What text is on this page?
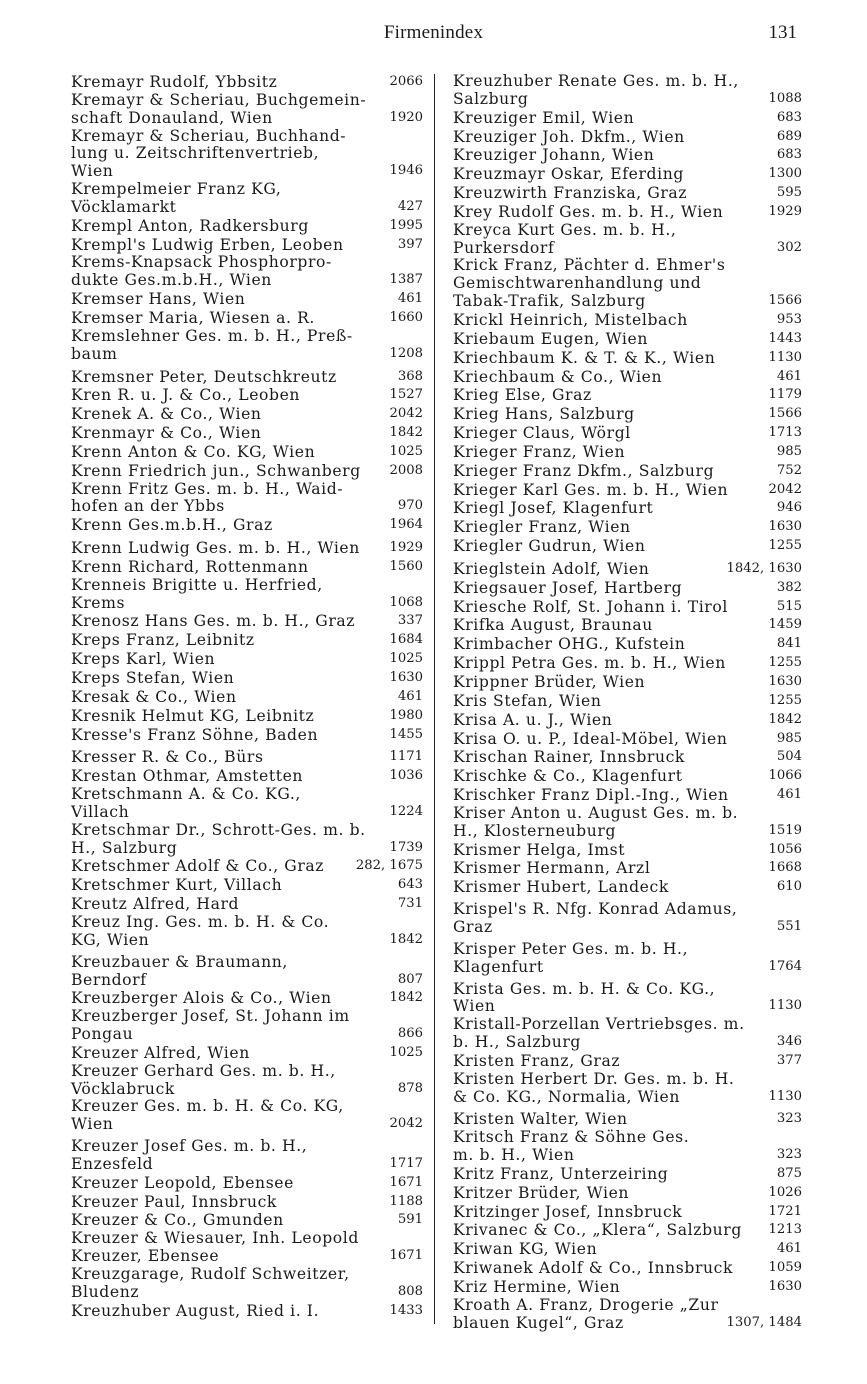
Firmenindex	131
Kremayr Rudolf, Ybbsitz	2066
Kremayr & Scheriau, Buchgemein-
schaft Donauland, Wien	1920
Kremayr & Scheriau, Buchhand-
lung u. Zeitschriftenvertrieb,
Wien	1946
Krempelmeier Franz KG,
Vöcklamarkt	427
Krempl Anton, Radkersburg	1995
Krempl's Ludwig Erben, Leoben	397
Krems-Knapsack Phosphorpro-
dukte Ges.m.b.H., Wien	1387
Kremser Hans, Wien	461
Kremser Maria, Wiesen a. R.	1660
Kremslehner Ges. m. b. H., Preß-
baum	1208
Kremsner Peter, Deutschkreutz	368
Kren R. u. J. & Co., Leoben	1527
Krenek A. & Co., Wien	2042
Krenmayr & Co., Wien	1842
Krenn Anton & Co. KG, Wien	1025
Krenn Friedrich jun., Schwanberg	2008
Krenn Fritz Ges. m. b. H., Waid-
hofen an der Ybbs	970
Krenn Ges.m.b.H., Graz	1964
Krenn Ludwig Ges. m. b. H., Wien	1929
Krenn Richard, Rottenmann	1560
Krenneis Brigitte u. Herfried,
Krems	1068
Krenosz Hans Ges. m. b. H., Graz	337
Kreps Franz, Leibnitz	1684
Kreps Karl, Wien	1025
Kreps Stefan, Wien	1630
Kresak & Co., Wien	461
Kresnik Helmut KG, Leibnitz	1980
Kresse's Franz Söhne, Baden	1455
Kresser R. & Co., Bürs	1171
Krestan Othmar, Amstetten	1036
Kretschmann A. & Co. KG.,
Villach	1224
Kretschmar Dr., Schrott-Ges. m. b.
H., Salzburg	1739
Kretschmer Adolf & Co., Graz	282, 1675
Kretschmer Kurt, Villach	643
Kreutz Alfred, Hard	731
Kreuz Ing. Ges. m. b. H. & Co.
KG, Wien	1842
Kreuzbauer & Braumann,
Berndorf	807
Kreuzberger Alois & Co., Wien	1842
Kreuzberger Josef, St. Johann im
Pongau	866
Kreuzer Alfred, Wien	1025
Kreuzer Gerhard Ges. m. b. H.,
Vöcklabruck	878
Kreuzer Ges. m. b. H. & Co. KG,
Wien	2042
Kreuzer Josef Ges. m. b. H.,
Enzesfeld	1717
Kreuzer Leopold, Ebensee	1671
Kreuzer Paul, Innsbruck	1188
Kreuzer & Co., Gmunden	591
Kreuzer & Wiesauer, Inh. Leopold
Kreuzer, Ebensee	1671
Kreuzgarage, Rudolf Schweitzer,
Bludenz	808
Kreuzhuber August, Ried i. I.	1433
Kreuzhuber Renate Ges. m. b. H.,
Salzburg	1088
Kreuziger Emil, Wien	683
Kreuziger Joh. Dkfm., Wien	689
Kreuziger Johann, Wien	683
Kreuzmayr Oskar, Eferding	1300
Kreuzwirth Franziska, Graz	595
Krey Rudolf Ges. m. b. H., Wien	1929
Kreyca Kurt Ges. m. b. H.,
Purkersdorf	302
Krick Franz, Pächter d. Ehmer's
Gemischtwarenhandlung und
Tabak-Trafik, Salzburg	1566
Krickl Heinrich, Mistelbach	953
Kriebaum Eugen, Wien	1443
Kriechbaum K. & T. & K., Wien	1130
Kriechbaum & Co., Wien	461
Krieg Else, Graz	1179
Krieg Hans, Salzburg	1566
Krieger Claus, Wörgl	1713
Krieger Franz, Wien	985
Krieger Franz Dkfm., Salzburg	752
Krieger Karl Ges. m. b. H., Wien	2042
Kriegl Josef, Klagenfurt	946
Kriegler Franz, Wien	1630
Kriegler Gudrun, Wien	1255
Krieglstein Adolf, Wien	1842, 1630
Kriegsauer Josef, Hartberg	382
Kriesche Rolf, St. Johann i. Tirol	515
Krifka August, Braunau	1459
Krimbacher OHG., Kufstein	841
Krippl Petra Ges. m. b. H., Wien	1255
Krippner Brüder, Wien	1630
Kris Stefan, Wien	1255
Krisa A. u. J., Wien	1842
Krisa O. u. P., Ideal-Möbel, Wien	985
Krischan Rainer, Innsbruck	504
Krischke & Co., Klagenfurt	1066
Krischker Franz Dipl.-Ing., Wien	461
Kriser Anton u. August Ges. m. b.
H., Klosterneuburg	1519
Krismer Helga, Imst	1056
Krismer Hermann, Arzl	1668
Krismer Hubert, Landeck	610
Krispel's R. Nfg. Konrad Adamus,
Graz	551
Krisper Peter Ges. m. b. H.,
Klagenfurt	1764
Krista Ges. m. b. H. & Co. KG.,
Wien	1130
Kristall-Porzellan Vertriebsges. m.
b. H., Salzburg	346
Kristen Franz, Graz	377
Kristen Herbert Dr. Ges. m. b. H.
& Co. KG., Normalia, Wien	1130
Kristen Walter, Wien	323
Kritsch Franz & Söhne Ges.
m. b. H., Wien	323
Kritz Franz, Unterzeiring	875
Kritzer Brüder, Wien	1026
Kritzinger Josef, Innsbruck	1721
Krivanec & Co., „Klera“, Salzburg	1213
Kriwan KG, Wien	461
Kriwanek Adolf & Co., Innsbruck	1059
Kriz Hermine, Wien	1630
Kroath A. Franz, Drogerie „Zur
blauen Kugel“, Graz	1307, 1484
